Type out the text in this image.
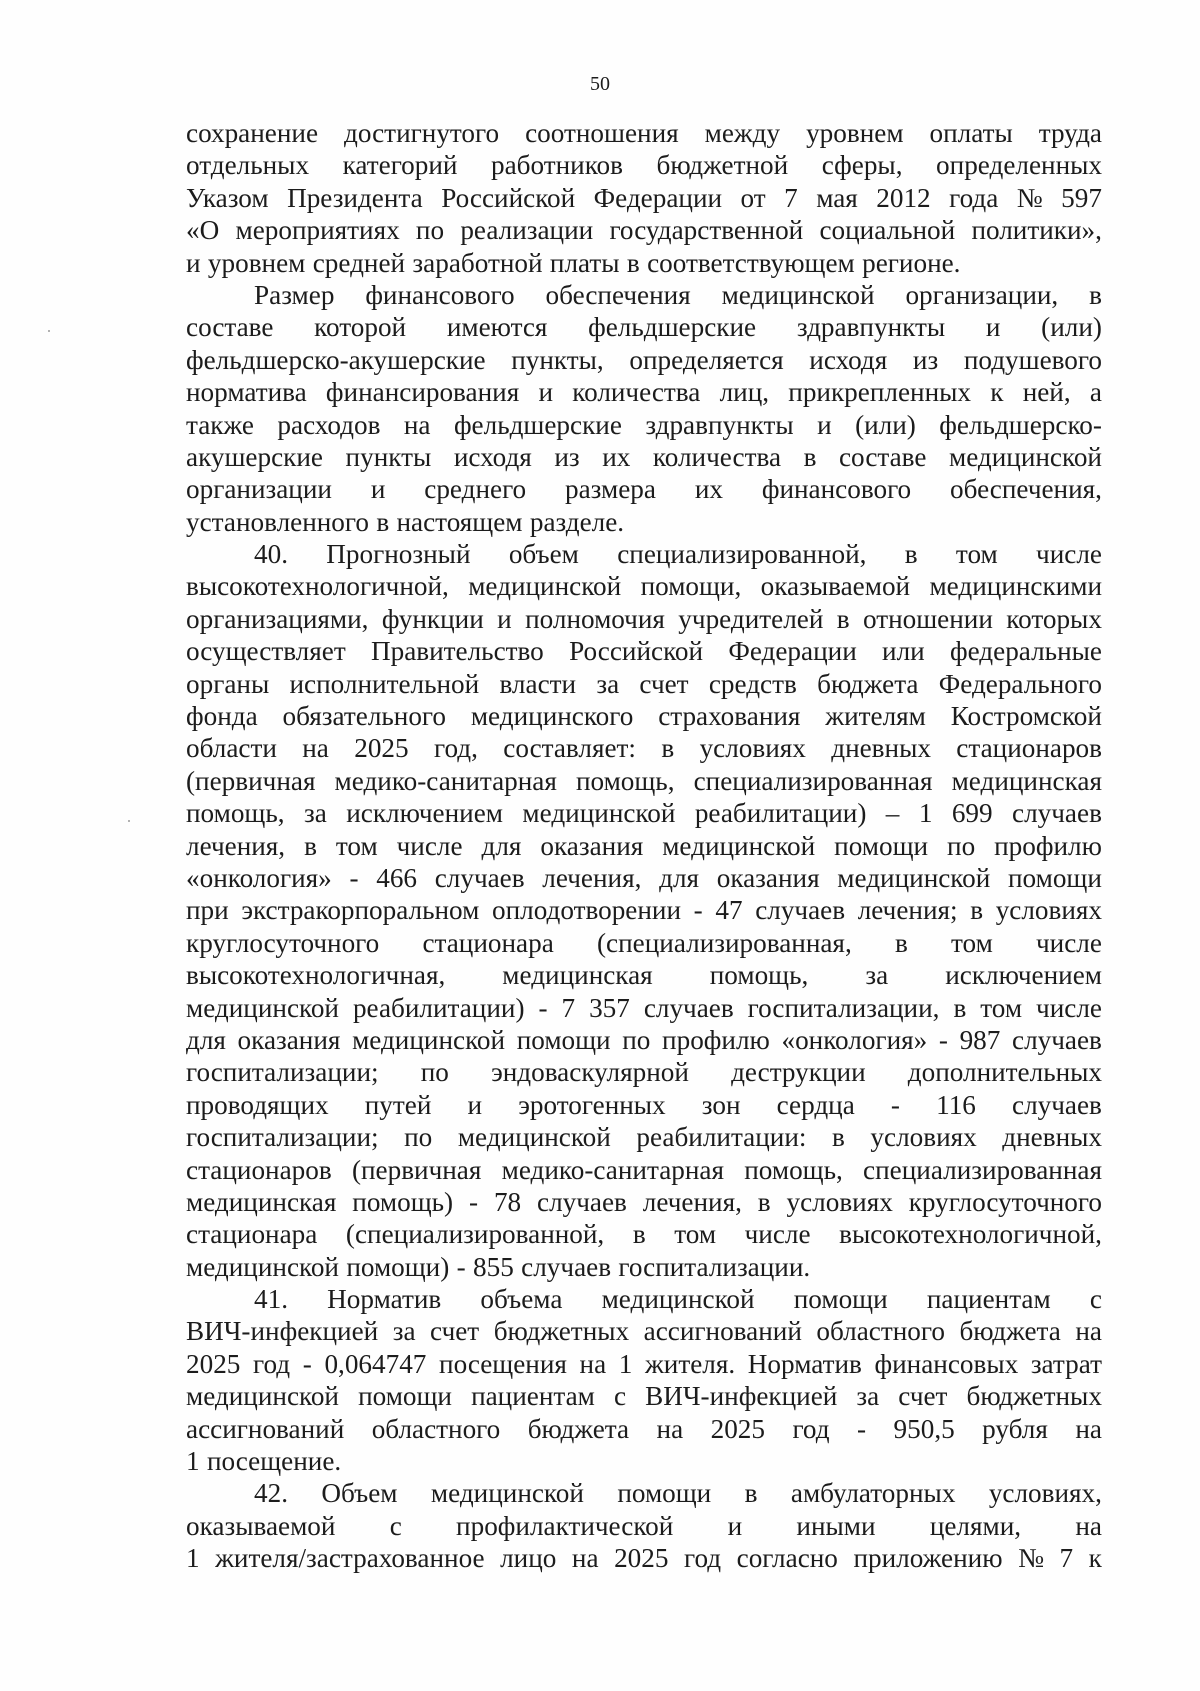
50
сохранение достигнутого соотношения между уровнем оплаты труда
отдельных категорий работников бюджетной сферы, определенных
Указом Президента Российской Федерации от 7 мая 2012 года № 597
«О мероприятиях по реализации государственной социальной политики»,
и уровнем средней заработной платы в соответствующем регионе.
Размер финансового обеспечения медицинской организации, в
составе которой имеются фельдшерские здравпункты и (или)
фельдшерско-акушерские пункты, определяется исходя из подушевого
норматива финансирования и количества лиц, прикрепленных к ней, а
также расходов на фельдшерские здравпункты и (или) фельдшерско-
акушерские пункты исходя из их количества в составе медицинской
организации и среднего размера их финансового обеспечения,
установленного в настоящем разделе.
40. Прогнозный объем специализированной, в том числе
высокотехнологичной, медицинской помощи, оказываемой медицинскими
организациями, функции и полномочия учредителей в отношении которых
осуществляет Правительство Российской Федерации или федеральные
органы исполнительной власти за счет средств бюджета Федерального
фонда обязательного медицинского страхования жителям Костромской
области на 2025 год, составляет: в условиях дневных стационаров
(первичная медико-санитарная помощь, специализированная медицинская
помощь, за исключением медицинской реабилитации) – 1 699 случаев
лечения, в том числе для оказания медицинской помощи по профилю
«онкология» - 466 случаев лечения, для оказания медицинской помощи
при экстракорпоральном оплодотворении - 47 случаев лечения; в условиях
круглосуточного стационара (специализированная, в том числе
высокотехнологичная, медицинская помощь, за исключением
медицинской реабилитации) - 7 357 случаев госпитализации, в том числе
для оказания медицинской помощи по профилю «онкология» - 987 случаев
госпитализации; по эндоваскулярной деструкции дополнительных
проводящих путей и эротогенных зон сердца - 116 случаев
госпитализации; по медицинской реабилитации: в условиях дневных
стационаров (первичная медико-санитарная помощь, специализированная
медицинская помощь) - 78 случаев лечения, в условиях круглосуточного
стационара (специализированной, в том числе высокотехнологичной,
медицинской помощи) - 855 случаев госпитализации.
41. Норматив объема медицинской помощи пациентам с
ВИЧ-инфекцией за счет бюджетных ассигнований областного бюджета на
2025 год - 0,064747 посещения на 1 жителя. Норматив финансовых затрат
медицинской помощи пациентам с ВИЧ-инфекцией за счет бюджетных
ассигнований областного бюджета на 2025 год - 950,5 рубля на
1 посещение.
42. Объем медицинской помощи в амбулаторных условиях,
оказываемой с профилактической и иными целями, на
1 жителя/застрахованное лицо на 2025 год согласно приложению № 7 к
